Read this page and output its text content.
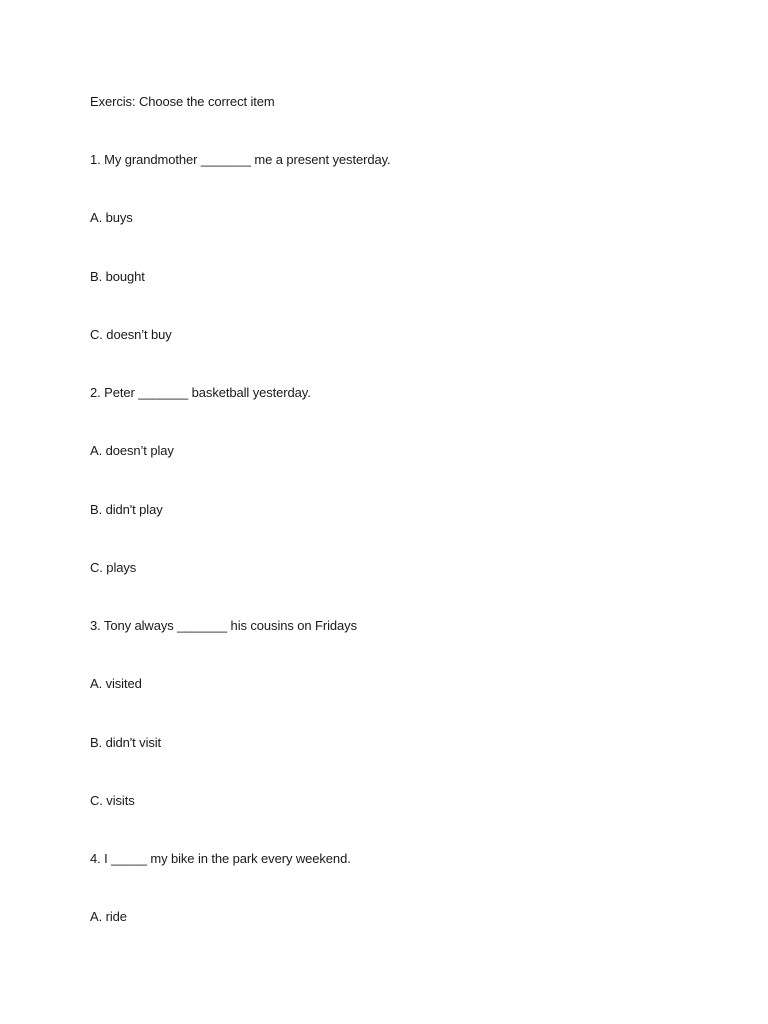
Exercis: Choose the correct item
1. My grandmother _______ me a present yesterday.
A. buys
B. bought
C. doesn’t buy
2. Peter _______ basketball yesterday.
A. doesn’t play
B. didn't play
C. plays
3. Tony always _______ his cousins on Fridays
A. visited
B. didn't visit
C. visits
4. I _____ my bike in the park every weekend.
A. ride
